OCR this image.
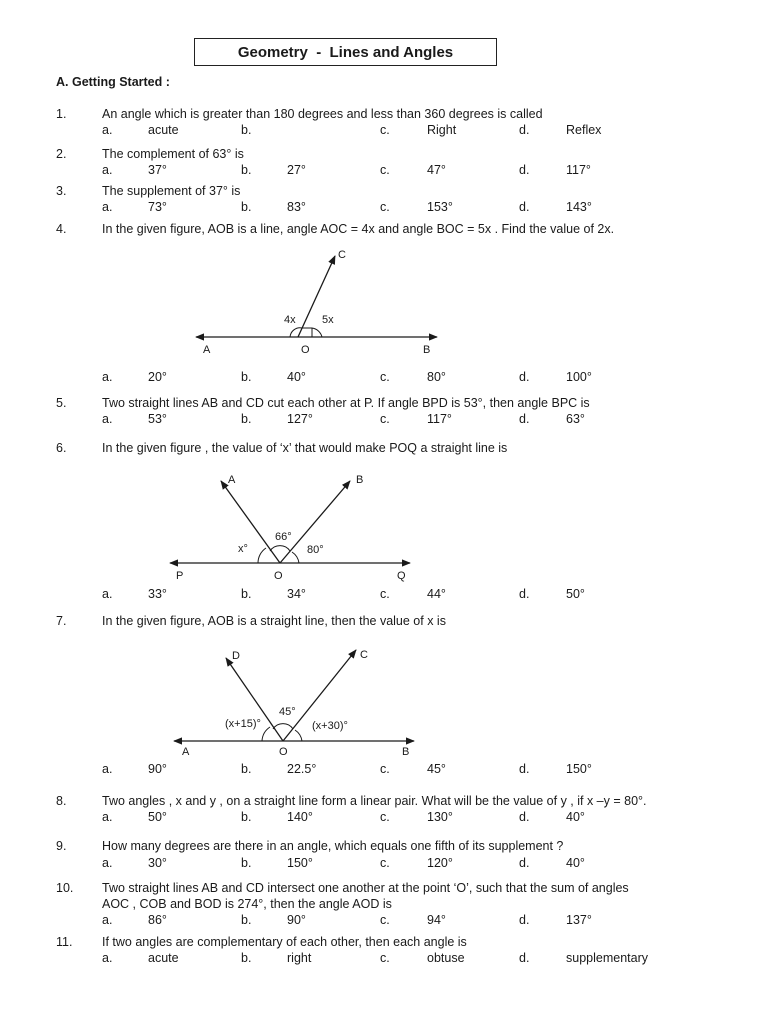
Geometry  -  Lines and Angles
A. Getting Started :
1.	An angle which is greater than 180 degrees and less than 360 degrees is called
a.	acute	b.	c.	Right	d.	Reflex
2.	The complement of 63° is
a.	37°	b.	27°	c.	47°	d.	117°
3.	The supplement of 37° is
a.	73°	b.	83°	c.	153°	d.	143°
4.	In the given figure, AOB is a line, angle AOC = 4x and angle BOC = 5x . Find the value of 2x.
a.	20°	b.	40°	c.	80°	d.	100°
5.	Two straight lines AB and CD cut each other at P. If angle BPD is 53°, then angle BPC is
a.	53°	b.	127°	c.	117°	d.	63°
6.	In the given figure , the value of ‘x’ that would make POQ a straight line is
a.	33°	b.	34°	c.	44°	d.	50°
7.	In the given figure, AOB is a straight line, then the value of x is
a.	90°	b.	22.5°	c.	45°	d.	150°
8.	Two angles , x and y , on a straight line form a linear pair. What will be the value of y , if x –y = 80°.
a.	50°	b.	140°	c.	130°	d.	40°
9.	How many degrees are there in an angle, which equals one fifth of its supplement ?
a.	30°	b.	150°	c.	120°	d.	40°
10. Two straight lines AB and CD intersect one another at the point ‘O’, such that the sum of angles
AOC , COB and BOD is 274°, then the angle AOD is
a.	86°	b.	90°	c.	94°	d.	137°
11. If two angles are complementary of each other, then each angle is
a.	acute	b.	right	c.	obtuse	d.	supplementary
C
A	O	B
4x 5x
A	B
P	O	Q
x°
66°
80°
D	C
A	O	B
(x+15)°
45°
(x+30)°
